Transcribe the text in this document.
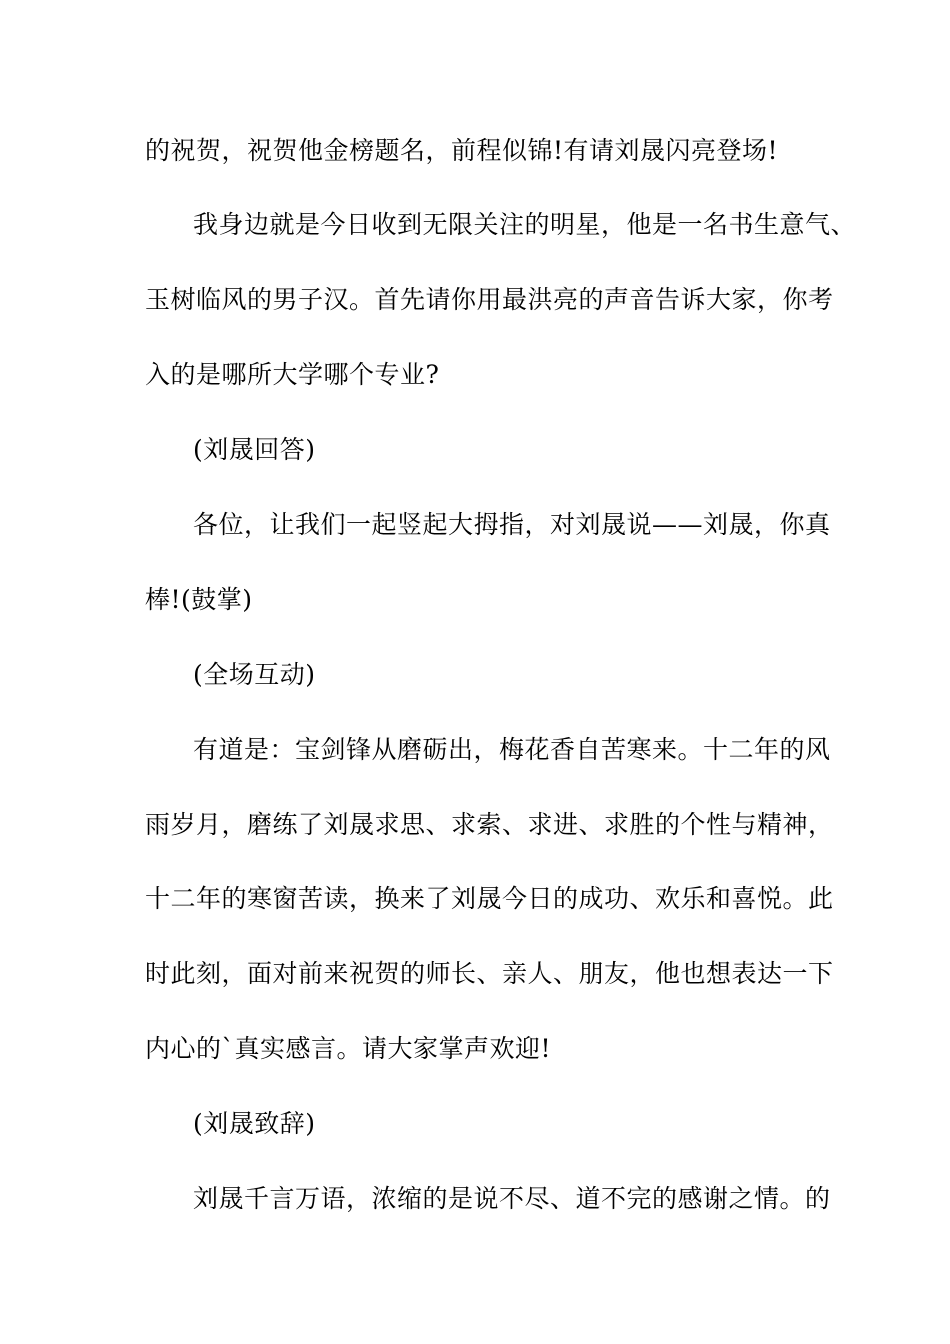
的祝贺，祝贺他金榜题名，前程似锦!有请刘晟闪亮登场!
我身边就是今日收到无限关注的明星，他是一名书生意气、
玉树临风的男子汉。首先请你用最洪亮的声音告诉大家，你考
入的是哪所大学哪个专业?
(刘晟回答)
各位，让我们一起竖起大拇指，对刘晟说——刘晟，你真
棒!(鼓掌)
(全场互动)
有道是：宝剑锋从磨砺出，梅花香自苦寒来。十二年的风
雨岁月，磨练了刘晟求思、求索、求进、求胜的个性与精神，
十二年的寒窗苦读，换来了刘晟今日的成功、欢乐和喜悦。此
时此刻，面对前来祝贺的师长、亲人、朋友，他也想表达一下
内心的`真实感言。请大家掌声欢迎!
(刘晟致辞)
刘晟千言万语，浓缩的是说不尽、道不完的感谢之情。的
